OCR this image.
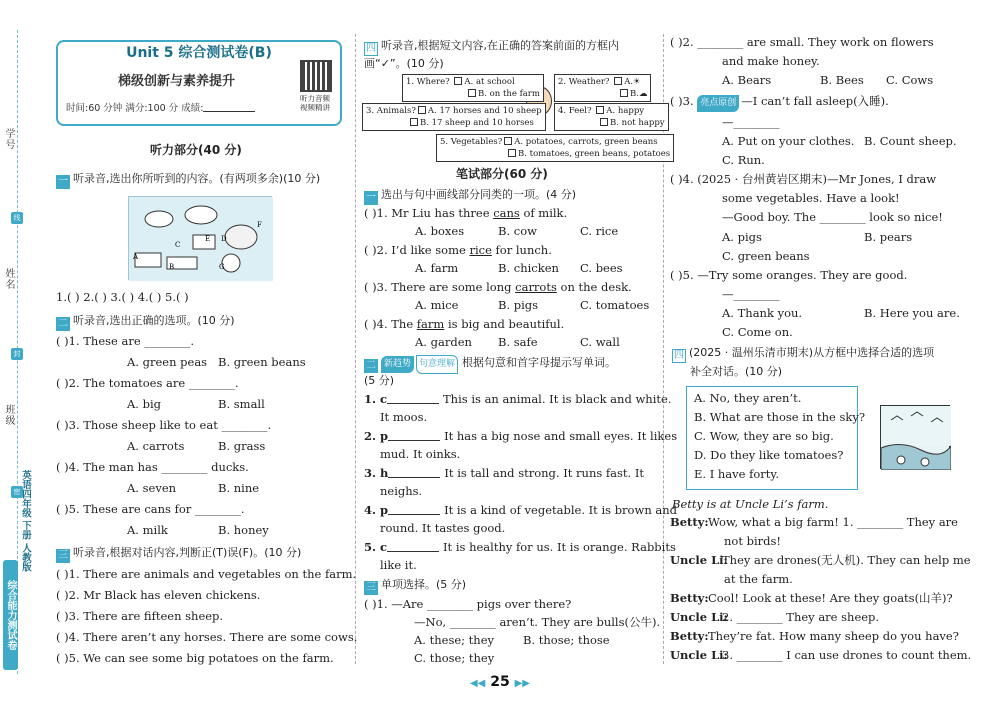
学号
姓名
班级
线
封
密
综合能力测试卷
英语四年级 下册 人教版
Unit 5 综合测试卷(B)
梯级创新与素养提升
时间:60 分钟 满分:100 分 成绩:
听力音频
视频精讲
听力部分(40 分)
一 听录音,选出你所听到的内容。(有两项多余)(10 分)
A
C
E D
F
G
B
1.( ) 2.( ) 3.( ) 4.( ) 5.( )
二 听录音,选出正确的选项。(10 分)
( )1. These are ________.
A. green peas B. green beans
( )2. The tomatoes are ________.
A. big	B. small
( )3. Those sheep like to eat ________.
A. carrots	B. grass
( )4. The man has ________ ducks.
A. seven	B. nine
( )5. These are cans for ________.
A. milk	B. honey
三 听录音,根据对话内容,判断正(T)误(F)。(10 分)
( )1. There are animals and vegetables on the farm.
( )2. Mr Black has eleven chickens.
( )3. There are fifteen sheep.
( )4. There aren’t any horses. There are some cows.
( )5. We can see some big potatoes on the farm.
四 听录音,根据短文内容,在正确的答案前面的方框内
画“✓”。(10 分)
1. Where? A. at school
B. on the farm
2. Weather? A.☀
B.☁
3. Animals? A. 17 horses and 10 sheep
B. 17 sheep and 10 horses
4. Feel? A. happy
B. not happy
5. Vegetables? A. potatoes, carrots, green beans
B. tomatoes, green beans, potatoes
笔试部分(60 分)
一 选出与句中画线部分同类的一项。(4 分)
( )1. Mr Liu has three cans of milk.
A. boxes	B. cow	C. rice
( )2. I’d like some rice for lunch.
A. farm	B. chicken C. bees
( )3. There are some long carrots on the desk.
A. mice	B. pigs	C. tomatoes
( )4. The farm is big and beautiful.
A. garden B. safe	C. wall
二 新趋势 句意理解 根据句意和首字母提示写单词。
(5 分)
1. c	This is an animal. It is black and white.
It moos.
2. p	It has a big nose and small eyes. It likes
mud. It oinks.
3. h	It is tall and strong. It runs fast. It
neighs.
4. p	It is a kind of vegetable. It is brown and
round. It tastes good.
5. c	It is healthy for us. It is orange. Rabbits
like it.
三 单项选择。(5 分)
( )1. —Are ________ pigs over there?
—No, ________ aren’t. They are bulls(公牛).
A. these; they	B. those; those
C. those; they
( )2. ________ are small. They work on flowers
and make honey.
A. Bears	B. Bees C. Cows
( )3. 亮点原创 —I can’t fall asleep(入睡).
—________
A. Put on your clothes. B. Count sheep.
C. Run.
( )4. (2025 · 台州黄岩区期末)—Mr Jones, I draw
some vegetables. Have a look!
—Good boy. The ________ look so nice!
A. pigs	B. pears
C. green beans
( )5. —Try some oranges. They are good.
—________
A. Thank you.	B. Here you are.
C. Come on.
四 (2025 · 温州乐清市期末)从方框中选择合适的选项
补全对话。(10 分)
A. No, they aren’t.
B. What are those in the sky?
C. Wow, they are so big.
D. Do they like tomatoes?
E. I have forty.
Betty is at Uncle Li’s farm.
Betty: Wow, what a big farm! 1. ________ They are
not birds!
Uncle Li:
They are drones(无人机). They can help me
at the farm.
Betty: Cool! Look at these! Are they goats(山羊)?
Uncle Li:
2. ________ They are sheep.
Betty: They’re fat. How many sheep do you have?
Uncle Li:
3. ________ I can use drones to count them.
◀◀ 25 ▶▶
